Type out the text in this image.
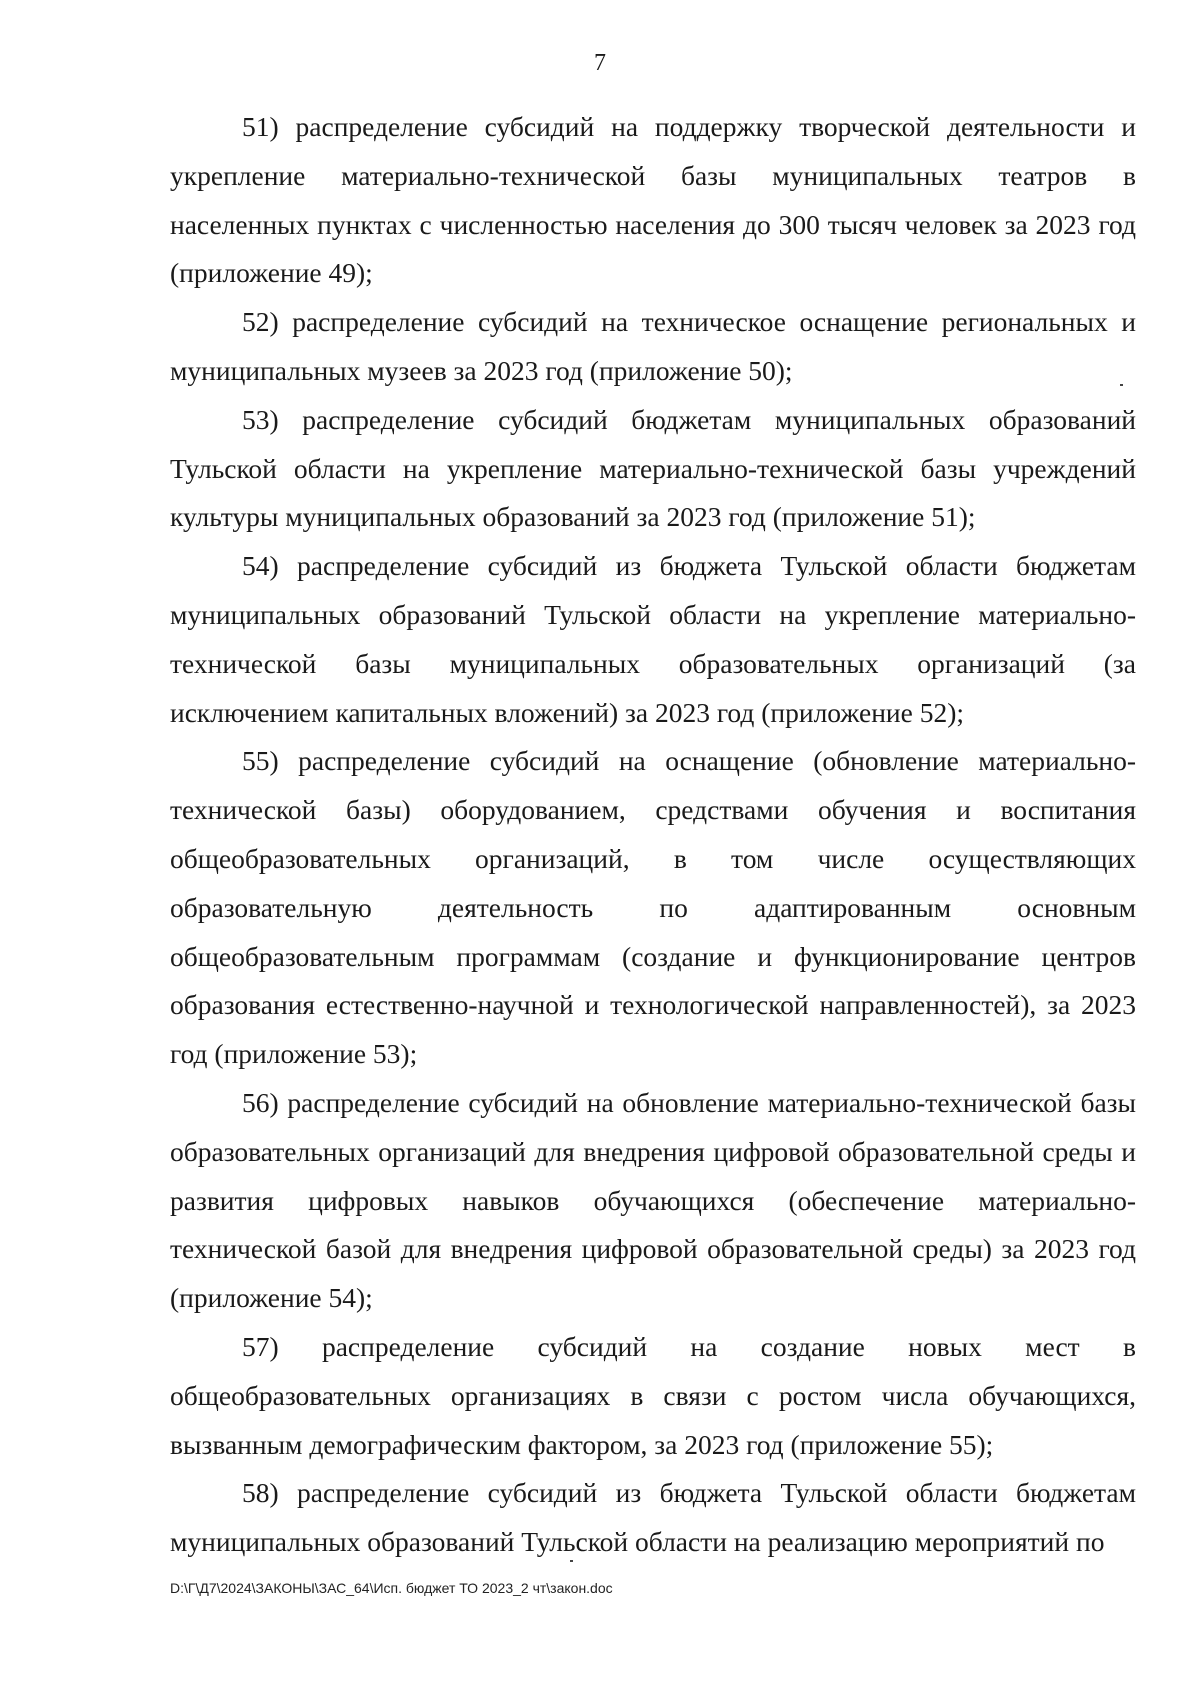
7

51) распределение субсидий на поддержку творческой деятельности и укрепление материально-технической базы муниципальных театров в населенных пунктах с численностью населения до 300 тысяч человек за 2023 год (приложение 49);

52) распределение субсидий на техническое оснащение региональных и муниципальных музеев за 2023 год (приложение 50);

53) распределение субсидий бюджетам муниципальных образований Тульской области на укрепление материально-технической базы учреждений культуры муниципальных образований за 2023 год (приложение 51);

54) распределение субсидий из бюджета Тульской области бюджетам муниципальных образований Тульской области на укрепление материально-технической базы муниципальных образовательных организаций (за исключением капитальных вложений) за 2023 год (приложение 52);

55) распределение субсидий на оснащение (обновление материально-технической базы) оборудованием, средствами обучения и воспитания общеобразовательных организаций, в том числе осуществляющих образовательную деятельность по адаптированным основным общеобразовательным программам (создание и функционирование центров образования естественно-научной и технологической направленностей), за 2023 год (приложение 53);

56) распределение субсидий на обновление материально-технической базы образовательных организаций для внедрения цифровой образовательной среды и развития цифровых навыков обучающихся (обеспечение материально-технической базой для внедрения цифровой образовательной среды) за 2023 год (приложение 54);

57) распределение субсидий на создание новых мест в общеобразовательных организациях в связи с ростом числа обучающихся, вызванным демографическим фактором, за 2023 год (приложение 55);

58) распределение субсидий из бюджета Тульской области бюджетам муниципальных образований Тульской области на реализацию мероприятий по

D:\Г\Д7\2024\ЗАКОНЫ\ЗАС_64\Исп. бюджет ТО 2023_2 чт\закон.doc
